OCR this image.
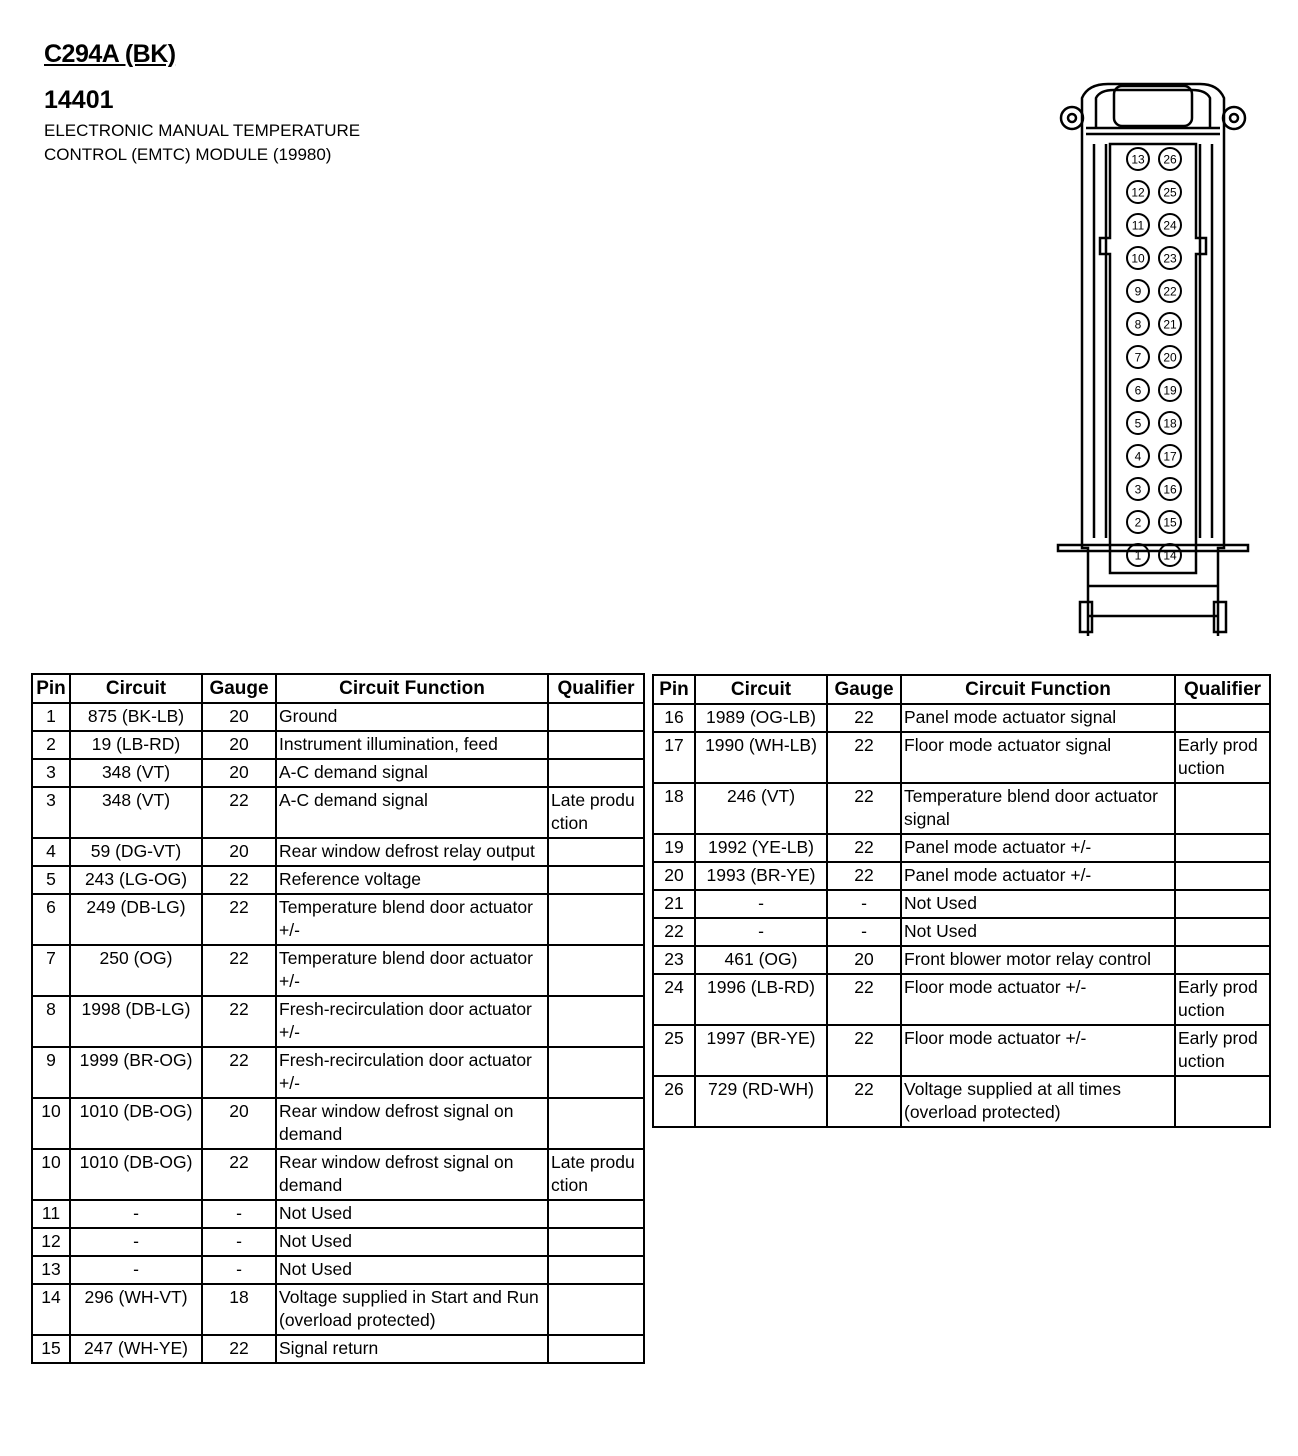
C294A (BK)
14401
ELECTRONIC MANUAL TEMPERATURE
CONTROL (EMTC) MODULE (19980)	13
12
11
10
9
8
7
6
5
4
3
2
1
26
25
24
23
22
21
20
19
18
17
16
15
14
Pin	Circuit	Gauge	Circuit Function	Qualifier
1	875 (BK-LB)	20	Ground	
2	19 (LB-RD)	20	Instrument illumination, feed	
3	348 (VT)	20	A-C demand signal	
3	348 (VT)	22	A-C demand signal	Late production
4	59 (DG-VT)	20	Rear window defrost relay output	
5	243 (LG-OG)	22	Reference voltage	
6	249 (DB-LG)	22	Temperature blend door actuator +/-	
7	250 (OG)	22	Temperature blend door actuator +/-	
8	1998 (DB-LG)	22	Fresh-recirculation door actuator +/-	
9	1999 (BR-OG)	22	Fresh-recirculation door actuator +/-	
10	1010 (DB-OG)	20	Rear window defrost signal on demand	
10	1010 (DB-OG)	22	Rear window defrost signal on demand	Late production
11	-	-	Not Used	
12	-	-	Not Used	
13	-	-	Not Used	
14	296 (WH-VT)	18	Voltage supplied in Start and Run (overload protected)	
15	247 (WH-YE)	22	Signal return	
Pin	Circuit	Gauge	Circuit Function	Qualifier
16	1989 (OG-LB)	22	Panel mode actuator signal	
17	1990 (WH-LB)	22	Floor mode actuator signal	Early production
18	246 (VT)	22	Temperature blend door actuator signal	
19	1992 (YE-LB)	22	Panel mode actuator +/-	
20	1993 (BR-YE)	22	Panel mode actuator +/-	
21	-	-	Not Used	
22	-	-	Not Used	
23	461 (OG)	20	Front blower motor relay control	
24	1996 (LB-RD)	22	Floor mode actuator +/-	Early production
25	1997 (BR-YE)	22	Floor mode actuator +/-	Early production
26	729 (RD-WH)	22	Voltage supplied at all times (overload protected)	
